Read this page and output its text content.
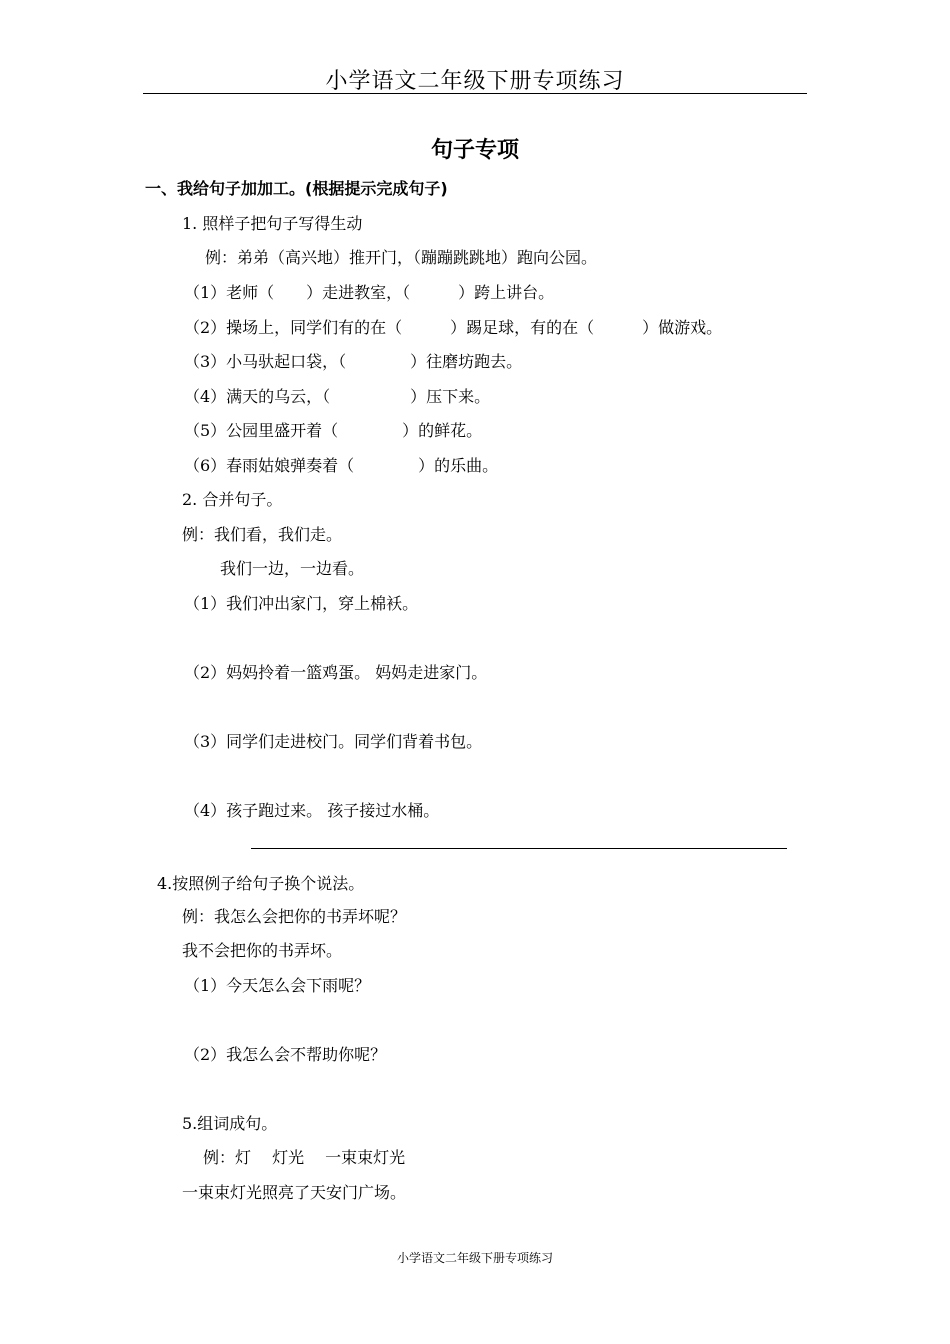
小学语文二年级下册专项练习
句子专项
一、我给句子加加工。(根据提示完成句子)
1. 照样子把句子写得生动
例：弟弟（高兴地）推开门，（蹦蹦跳跳地）跑向公园。
（1）老师（　　）走进教室，（　　　）跨上讲台。
（2）操场上，同学们有的在（　　　）踢足球，有的在（　　　）做游戏。
（3）小马驮起口袋，（　　　　）往磨坊跑去。
（4）满天的乌云，（　　　　　）压下来。
（5）公园里盛开着（　　　　）的鲜花。
（6）春雨姑娘弹奏着（　　　　）的乐曲。
2. 合并句子。
例：我们看，我们走。
我们一边，一边看。
（1）我们冲出家门，穿上棉袄。
（2）妈妈拎着一篮鸡蛋。 妈妈走进家门。
（3）同学们走进校门。同学们背着书包。
（4）孩子跑过来。 孩子接过水桶。
4.按照例子给句子换个说法。
例：我怎么会把你的书弄坏呢？
我不会把你的书弄坏。
（1）今天怎么会下雨呢？
（2）我怎么会不帮助你呢？
5.组词成句。
例：灯　 灯光　 一束束灯光
一束束灯光照亮了天安门广场。
小学语文二年级下册专项练习
